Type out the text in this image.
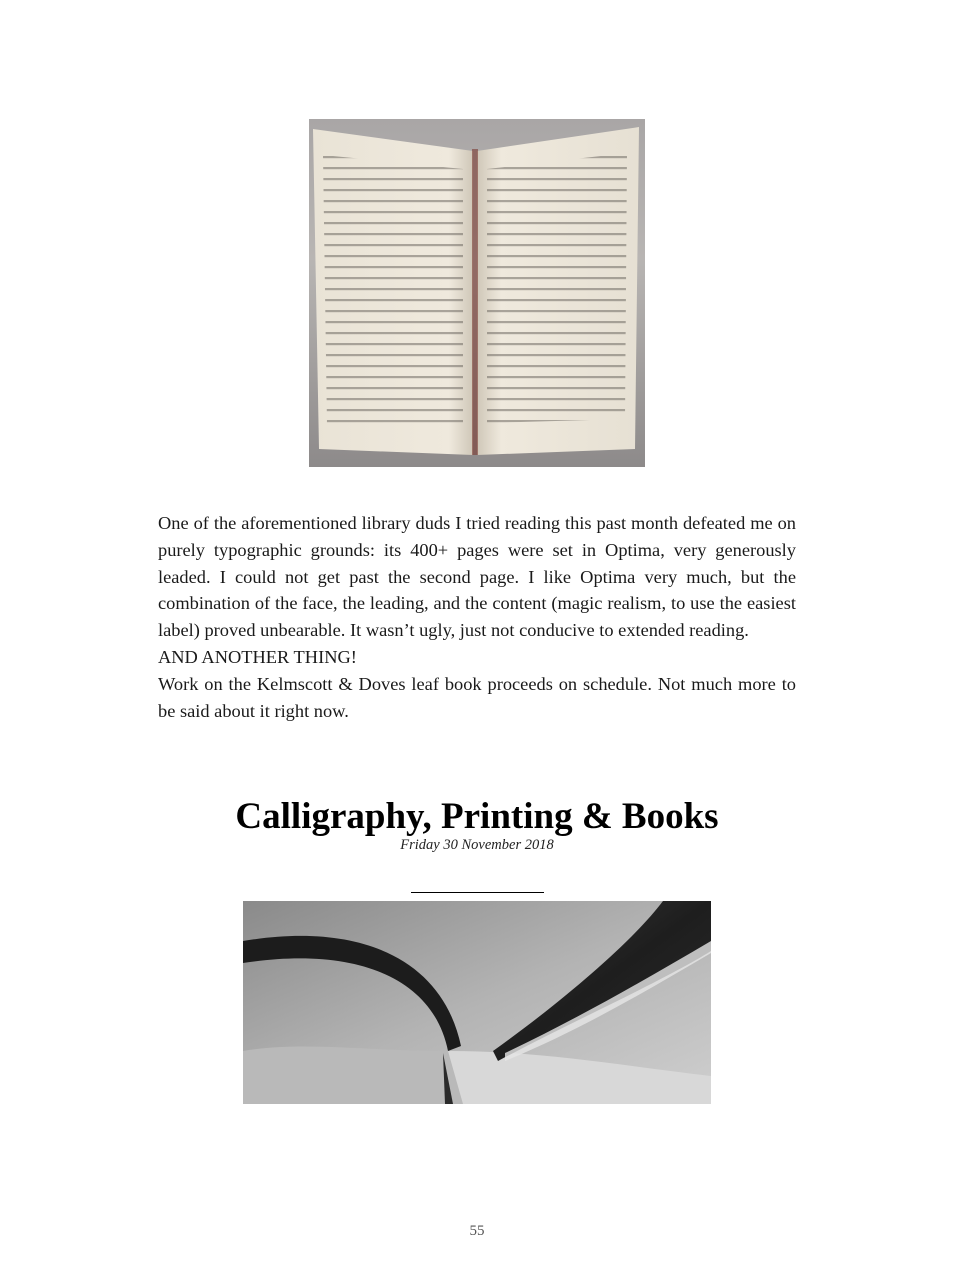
One of the aforementioned library duds I tried reading this past month defeated me on purely typographic grounds: its 400+ pages were set in Optima, very generously leaded. I could not get past the second page. I like Optima very much, but the combination of the face, the leading, and the content (magic realism, to use the easiest label) proved unbearable. It wasn’t ugly, just not conducive to extended reading.

AND ANOTHER THING!

Work on the Kelmscott & Doves leaf book proceeds on schedule. Not much more to be said about it right now.

Calligraphy, Printing & Books
Friday 30 November 2018
55
